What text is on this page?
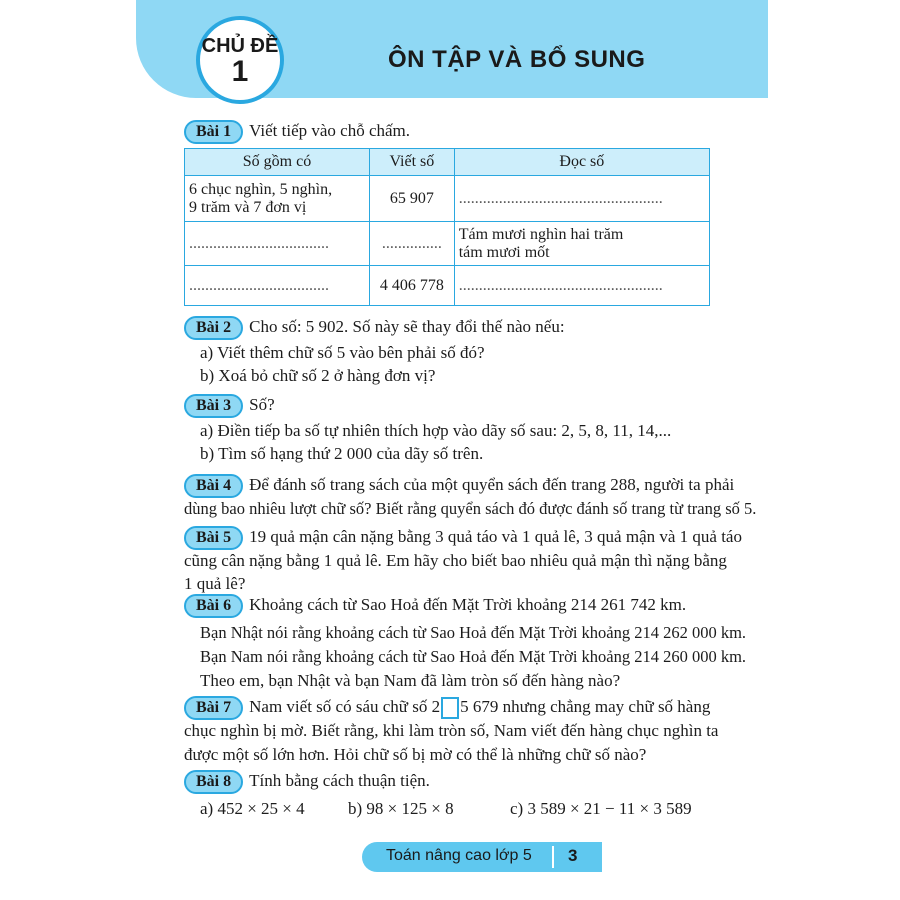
CHỦ ĐỀ
1	ÔN TẬP VÀ BỔ SUNG
Bài 1 Viết tiếp vào chỗ chấm.
Số gồm có	Viết số	Đọc số

6 chục nghìn, 5 nghìn,
9 trăm và 7 đơn vị	65 907	...................................................
...................................	...............	Tám mươi nghìn hai trăm
tám mươi mốt

...................................	4 406 778	...................................................
Bài 2 Cho số: 5 902. Số này sẽ thay đổi thế nào nếu:
a) Viết thêm chữ số 5 vào bên phải số đó?
b) Xoá bỏ chữ số 2 ở hàng đơn vị?
Bài 3 Số?
a) Điền tiếp ba số tự nhiên thích hợp vào dãy số sau: 2, 5, 8, 11, 14,...
b) Tìm số hạng thứ 2 000 của dãy số trên.
Bài 4 Để đánh số trang sách của một quyển sách đến trang 288, người ta phải
dùng bao nhiêu lượt chữ số? Biết rằng quyển sách đó được đánh số trang từ trang số 5.
Bài 5 19 quả mận cân nặng bằng 3 quả táo và 1 quả lê, 3 quả mận và 1 quả táo
cũng cân nặng bằng 1 quả lê. Em hãy cho biết bao nhiêu quả mận thì nặng bằng
1 quả lê?
Bài 6 Khoảng cách từ Sao Hoả đến Mặt Trời khoảng 214 261 742 km.
Bạn Nhật nói rằng khoảng cách từ Sao Hoả đến Mặt Trời khoảng 214 262 000 km.
Bạn Nam nói rằng khoảng cách từ Sao Hoả đến Mặt Trời khoảng 214 260 000 km.
Theo em, bạn Nhật và bạn Nam đã làm tròn số đến hàng nào?
Bài 7 Nam viết số có sáu chữ số 2 5 679 nhưng chẳng may chữ số hàng
chục nghìn bị mờ. Biết rằng, khi làm tròn số, Nam viết đến hàng chục nghìn ta
được một số lớn hơn. Hỏi chữ số bị mờ có thể là những chữ số nào?
Bài 8 Tính bằng cách thuận tiện.
a) 452 × 25 × 4	b) 98 × 125 × 8	c) 3 589 × 21 − 11 × 3 589
Toán nâng cao lớp 5 3
